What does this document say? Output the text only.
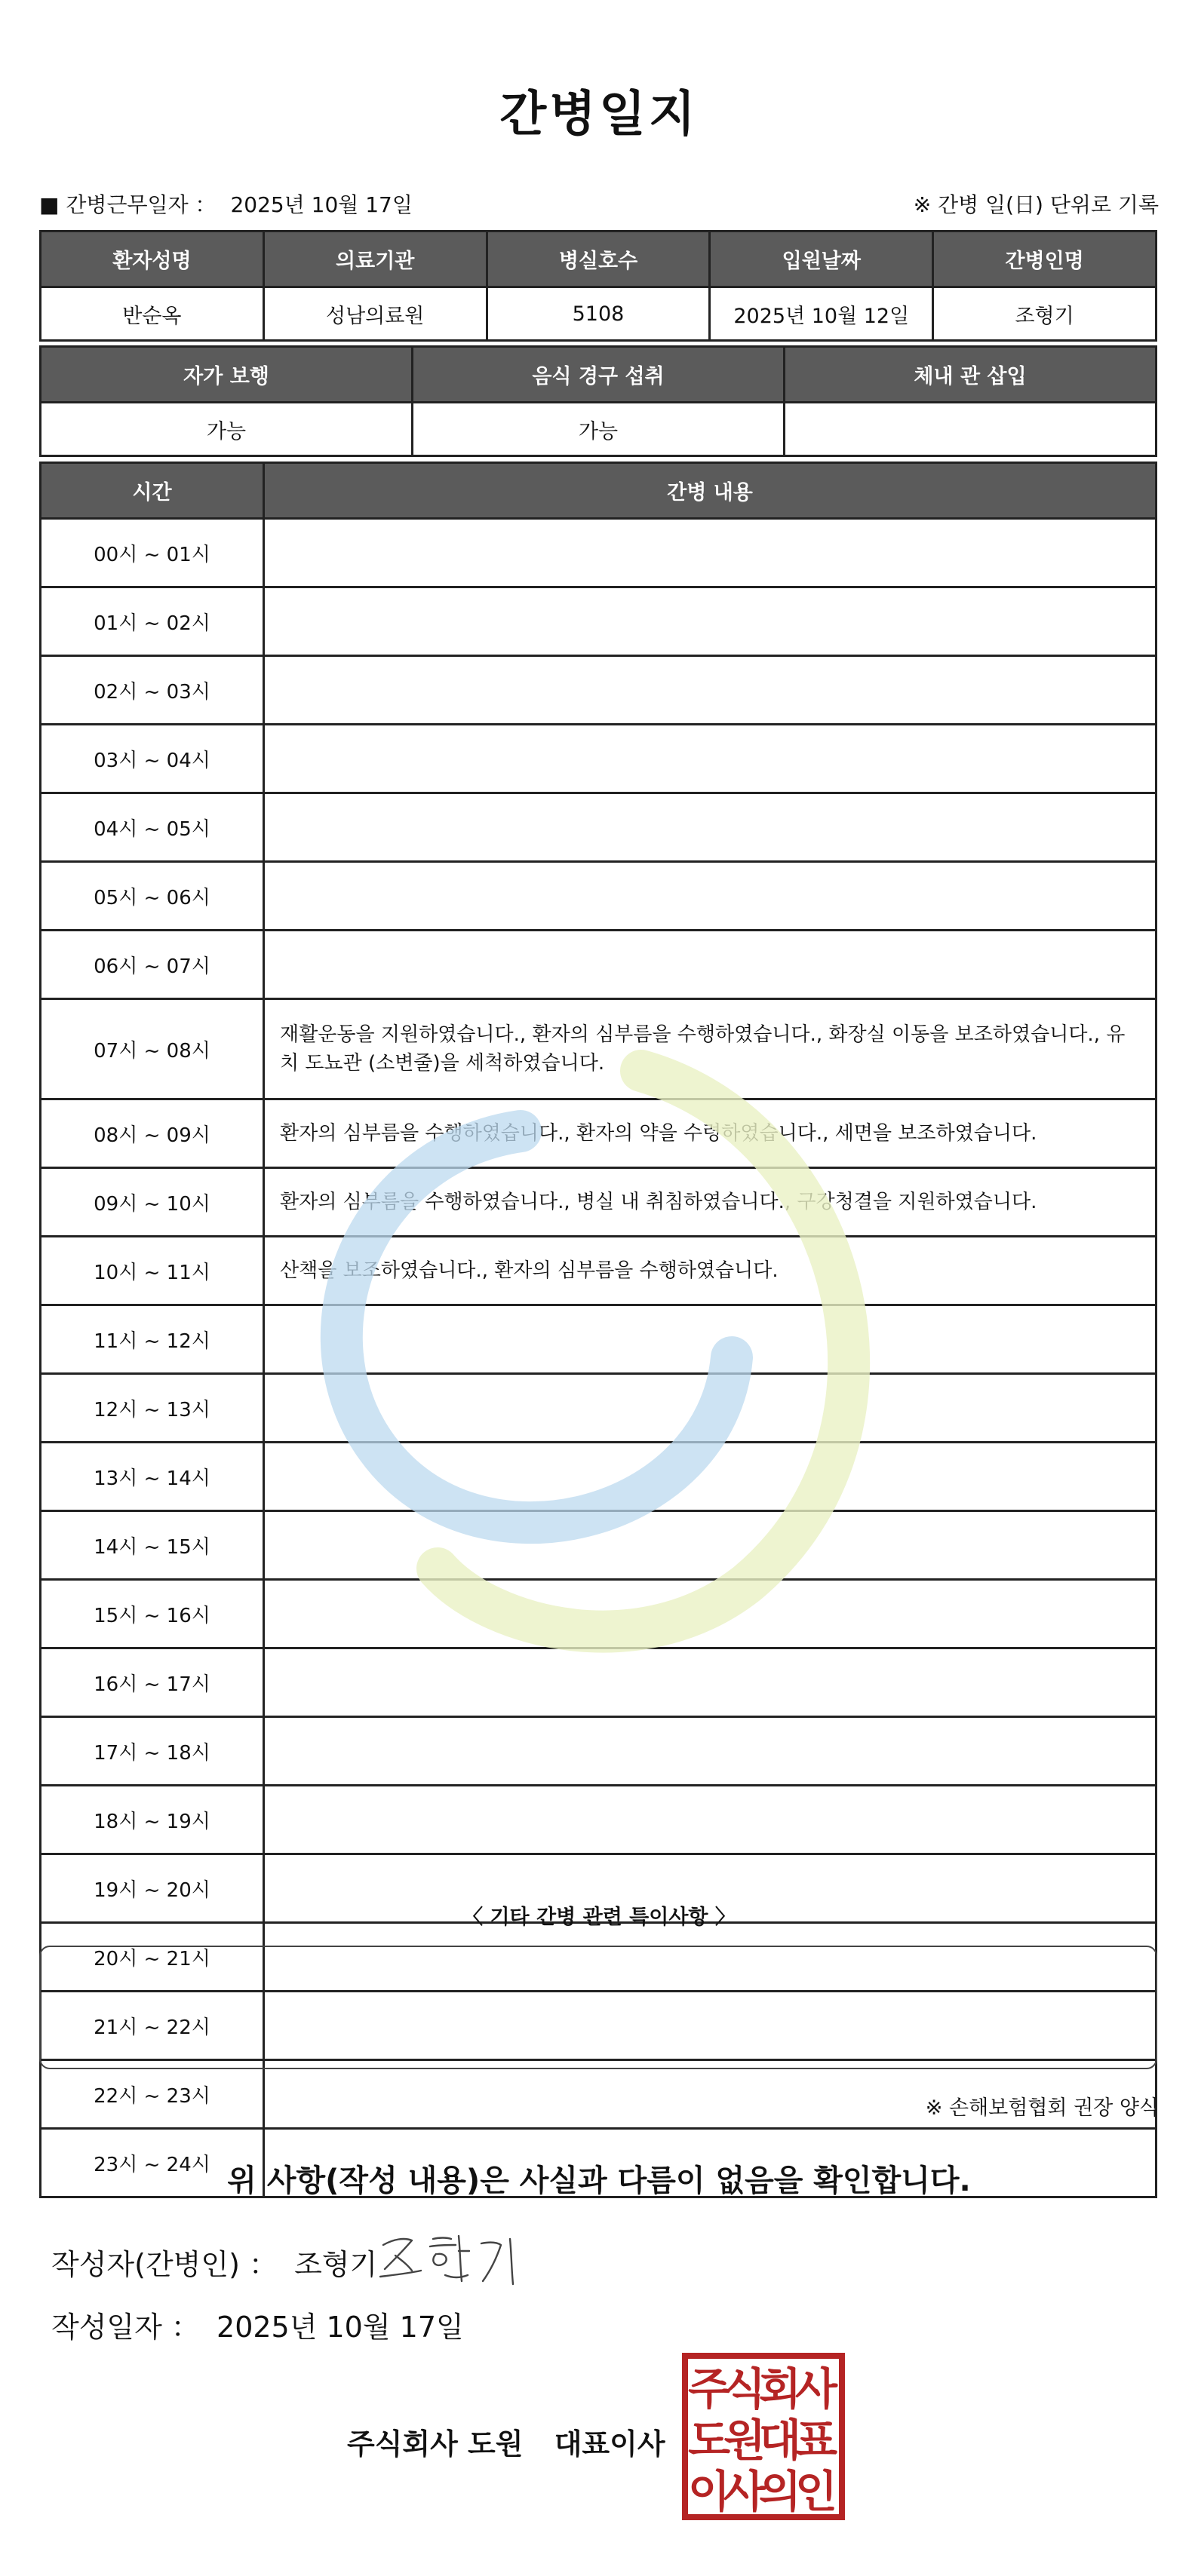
간병일지
■ 간병근무일자 ： 2025년 10월 17일	※ 간병 일(日) 단위로 기록
환자성명	의료기관	병실호수	입원날짜	간병인명
반순옥	성남의료원	5108	2025년 10월 12일	조형기
자가 보행	음식 경구 섭취	체내 관 삽입
가능	가능	
시간	간병 내용
00시 ~ 01시	
01시 ~ 02시	
02시 ~ 03시	
03시 ~ 04시	
04시 ~ 05시	
05시 ~ 06시	
06시 ~ 07시	
07시 ~ 08시	재활운동을 지원하였습니다., 환자의 심부름을 수행하였습니다., 화장실 이동을 보조하였습니다., 유치 도뇨관 (소변줄)을 세척하였습니다.
08시 ~ 09시	환자의 심부름을 수행하였습니다., 환자의 약을 수령하였습니다., 세면을 보조하였습니다.
09시 ~ 10시	환자의 심부름을 수행하였습니다., 병실 내 취침하였습니다., 구강청결을 지원하였습니다.
10시 ~ 11시	산책을 보조하였습니다., 환자의 심부름을 수행하였습니다.
11시 ~ 12시	
12시 ~ 13시	
13시 ~ 14시	
14시 ~ 15시	
15시 ~ 16시	
16시 ~ 17시	
17시 ~ 18시	
18시 ~ 19시	
19시 ~ 20시	
20시 ~ 21시	
21시 ~ 22시	
22시 ~ 23시	
23시 ~ 24시	
〈 기타 간병 관련 특이사항 〉
※ 손해보험협회 권장 양식
위 사항(작성 내용)은 사실과 다름이 없음을 확인합니다.
작성자(간병인) ： 조형기
작성일자 ： 2025년 10월 17일
주식회사 도원 대표이사
주
식
회
사
도
원
대
표
이
사
의
인
